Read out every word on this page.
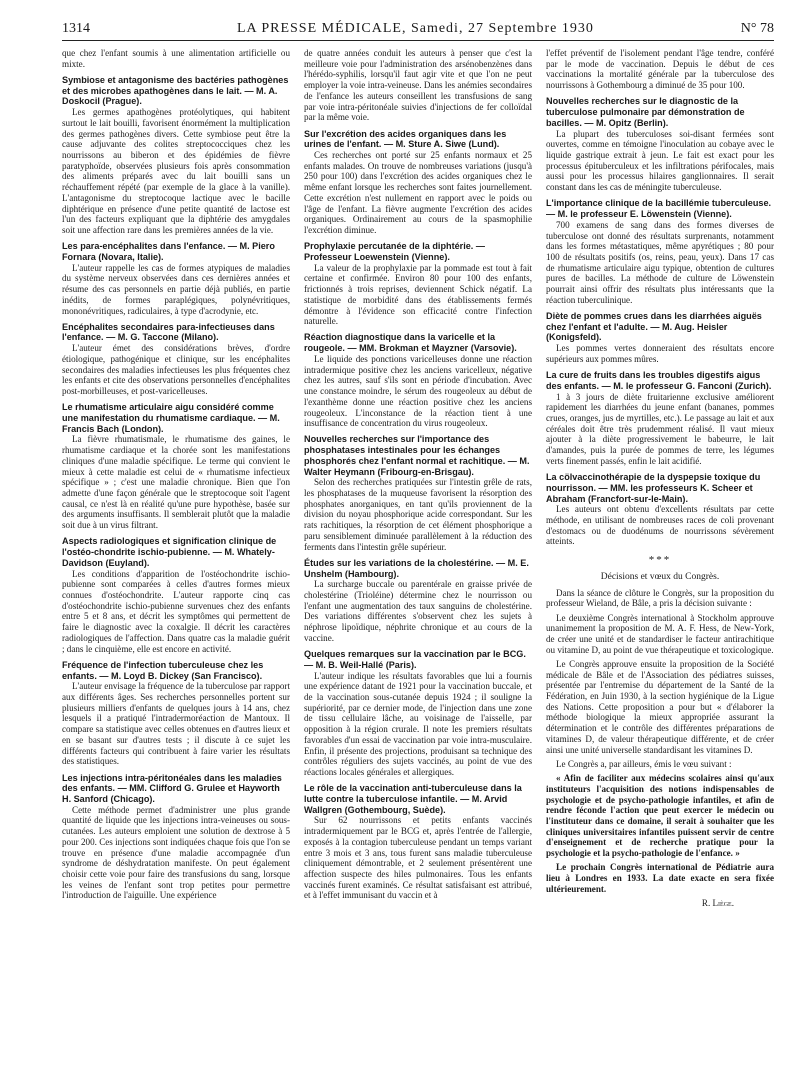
1314	LA PRESSE MÉDICALE, Samedi, 27 Septembre 1930	N° 78

que chez l'enfant soumis à une alimentation artificielle ou mixte.

Symbiose et antagonisme des bactéries pathogènes et des microbes apathogènes dans le lait. — M. A. Doskocil (Prague).

Les germes apathogènes protéolytiques, qui habitent surtout le lait bouilli, favorisent énormément la multiplication des germes pathogènes divers. Cette symbiose peut être la cause adjuvante des colites streptococciques chez les nourrissons au biberon et des épidémies de fièvre paratyphoïde, observées plusieurs fois après consommation des aliments préparés avec du lait bouilli sans un réchauffement répété (par exemple de la glace à la vanille). L'antagonisme du streptocoque lactique avec le bacille diphtérique en présence d'une petite quantité de lactose est l'un des facteurs expliquant que la diphtérie des amygdales soit une affection rare dans les premières années de la vie.

Les para-encéphalites dans l'enfance. — M. Piero Fornara (Novara, Italie).

L'auteur rappelle les cas de formes atypiques de maladies du système nerveux observées dans ces dernières années et résume des cas personnels en partie déjà publiés, en partie inédits, de formes paraplégiques, polynévritiques, mononévritiques, radiculaires, à type d'acrodynie, etc.

Encéphalites secondaires para-infectieuses dans l'enfance. — M. G. Taccone (Milano).

L'auteur émet des considérations brèves, d'ordre étiologique, pathogénique et clinique, sur les encéphalites secondaires des maladies infectieuses les plus fréquentes chez les enfants et cite des observations personnelles d'encéphalites post-morbilleuses, et post-varicelleuses.

Le rhumatisme articulaire aigu considéré comme une manifestation du rhumatisme cardiaque. — M. Francis Bach (London).

La fièvre rhumatismale, le rhumatisme des gaines, le rhumatisme cardiaque et la chorée sont les manifestations cliniques d'une maladie spécifique. Le terme qui convient le mieux à cette maladie est celui de « rhumatisme infectieux spécifique » ; c'est une maladie chronique. Bien que l'on admette d'une façon générale que le streptocoque soit l'agent causal, ce n'est là en réalité qu'une pure hypothèse, basée sur des arguments insuffisants. Il semblerait plutôt que la maladie soit due à un virus filtrant.

Aspects radiologiques et signification clinique de l'ostéo-chondrite ischio-pubienne. — M. Whately-Davidson (Euyland).

Les conditions d'apparition de l'ostéochondrite ischio-pubienne sont comparées à celles d'autres formes mieux connues d'ostéochondrite. L'auteur rapporte cinq cas d'ostéochondrite ischio-pubienne survenues chez des enfants entre 5 et 8 ans, et décrit les symptômes qui permettent de faire le diagnostic avec la coxalgie. Il décrit les caractères radiologiques de l'affection. Dans quatre cas la maladie guérit ; dans le cinquième, elle est encore en activité.

Fréquence de l'infection tuberculeuse chez les enfants. — M. Loyd B. Dickey (San Francisco).

L'auteur envisage la fréquence de la tuberculose par rapport aux différents âges. Ses recherches personnelles portent sur plusieurs milliers d'enfants de quelques jours à 14 ans, chez lesquels il a pratiqué l'intradermoréaction de Mantoux. Il compare sa statistique avec celles obtenues en d'autres lieux et en se basant sur d'autres tests ; il discute à ce sujet les différents facteurs qui contribuent à faire varier les résultats des statistiques.

Les injections intra-péritonéales dans les maladies des enfants. — MM. Clifford G. Grulee et Hayworth H. Sanford (Chicago).

Cette méthode permet d'administrer une plus grande quantité de liquide que les injections intra-veineuses ou sous-cutanées. Les auteurs emploient une solution de dextrose à 5 pour 200. Ces injections sont indiquées chaque fois que l'on se trouve en présence d'une maladie accompagnée d'un syndrome de déshydratation manifeste. On peut également choisir cette voie pour faire des transfusions du sang, lorsque les veines de l'enfant sont trop petites pour permettre l'introduction de l'aiguille. Une expérience

de quatre années conduit les auteurs à penser que c'est la meilleure voie pour l'administration des arsénobenzènes dans l'hérédo-syphilis, lorsqu'il faut agir vite et que l'on ne peut employer la voie intra-veineuse. Dans les anémies secondaires de l'enfance les auteurs conseillent les transfusions de sang par voie intra-péritonéale suivies d'injections de fer colloïdal par la même voie.

Sur l'excrétion des acides organiques dans les urines de l'enfant. — M. Sture A. Siwe (Lund).

Ces recherches ont porté sur 25 enfants normaux et 25 enfants malades. On trouve de nombreuses variations (jusqu'à 250 pour 100) dans l'excrétion des acides organiques chez le même enfant lorsque les recherches sont faites journellement. Cette excrétion n'est nullement en rapport avec le poids ou l'âge de l'enfant. La fièvre augmente l'excrétion des acides organiques. Ordinairement au cours de la spasmophilie l'excrétion diminue.

Prophylaxie percutanée de la diphtérie. — Professeur Loewenstein (Vienne).

La valeur de la prophylaxie par la pommade est tout à fait certaine et confirmée. Environ 80 pour 100 des enfants, frictionnés à trois reprises, deviennent Schick négatif. La statistique de morbidité dans des établissements fermés démontre à l'évidence son efficacité contre l'infection naturelle.

Réaction diagnostique dans la varicelle et la rougeole. — MM. Brokman et Mayzner (Varsovie).

Le liquide des ponctions varicelleuses donne une réaction intradermique positive chez les anciens varicelleux, négative chez les autres, sauf s'ils sont en période d'incubation. Avec une constance moindre, le sérum des rougeoleux au début de l'exanthème donne une réaction positive chez les anciens rougeoleux. L'inconstance de la réaction tient à une insuffisance de concentration du virus rougeoleux.

Nouvelles recherches sur l'importance des phosphatases intestinales pour les échanges phosphorés chez l'enfant normal et rachitique. — M. Walter Heymann (Fribourg-en-Brisgau).

Selon des recherches pratiquées sur l'intestin grêle de rats, les phosphatases de la muqueuse favorisent la résorption des phosphates anorganiques, en tant qu'ils proviennent de la division du noyau phosphorique acide correspondant. Sur les rats rachitiques, la résorption de cet élément phosphorique a paru sensiblement diminuée parallèlement à la réduction des ferments dans l'intestin grêle supérieur.

Études sur les variations de la cholestérine. — M. E. Unshelm (Hambourg).

La surcharge buccale ou parentérale en graisse privée de cholestérine (Trioléine) détermine chez le nourrisson ou l'enfant une augmentation des taux sanguins de cholestérine. Des variations différentes s'observent chez les sujets à néphrose lipoïdique, néphrite chronique et au cours de la vaccine.

Quelques remarques sur la vaccination par le BCG. — M. B. Weil-Hallé (Paris).

L'auteur indique les résultats favorables que lui a fournis une expérience datant de 1921 pour la vaccination buccale, et de la vaccination sous-cutanée depuis 1924 ; il souligne la supériorité, par ce dernier mode, de l'injection dans une zone de tissu cellulaire lâche, au voisinage de l'aisselle, par opposition à la région crurale. Il note les premiers résultats favorables d'un essai de vaccination par voie intra-musculaire. Enfin, il présente des projections, produisant sa technique des contrôles réguliers des sujets vaccinés, au point de vue des réactions locales générales et allergiques.

Le rôle de la vaccination anti-tuberculeuse dans la lutte contre la tuberculose infantile. — M. Arvid Wallgren (Gothembourg, Suède).

Sur 62 nourrissons et petits enfants vaccinés intradermiquement par le BCG et, après l'entrée de l'allergie, exposés à la contagion tuberculeuse pendant un temps variant entre 3 mois et 3 ans, tous furent sans maladie tuberculeuse cliniquement démontrable, et 2 seulement présentèrent une affection suspecte des hiles pulmonaires. Tous les enfants vaccinés furent examinés. Ce résultat satisfaisant est attribué, et à l'effet immunisant du vaccin et à

l'effet préventif de l'isolement pendant l'âge tendre, conféré par le mode de vaccination. Depuis le début de ces vaccinations la mortalité générale par la tuberculose des nourrissons à Gothembourg a diminué de 35 pour 100.

Nouvelles recherches sur le diagnostic de la tuberculose pulmonaire par démonstration de bacilles. — M. Opitz (Berlin).

La plupart des tuberculoses soi-disant fermées sont ouvertes, comme en témoigne l'inoculation au cobaye avec le liquide gastrique extrait à jeun. Le fait est exact pour les processus épituberculeux et les infiltrations périfocales, mais aussi pour les processus hilaires ganglionnaires. Il serait constant dans les cas de méningite tuberculeuse.

L'importance clinique de la bacillémie tuberculeuse. — M. le professeur E. Löwenstein (Vienne).

700 examens de sang dans des formes diverses de tuberculose ont donné des résultats surprenants, notamment dans les formes métastatiques, même apyrétiques ; 80 pour 100 de résultats positifs (os, reins, peau, yeux). Dans 17 cas de rhumatisme articulaire aigu typique, obtention de cultures pures de bacilles. La méthode de culture de Löwenstein pourrait ainsi offrir des résultats plus intéressants que la réaction tuberculinique.

Diète de pommes crues dans les diarrhées aiguës chez l'enfant et l'adulte. — M. Aug. Heisler (Konigsfeld).

Les pommes vertes donneraient des résultats encore supérieurs aux pommes mûres.

La cure de fruits dans les troubles digestifs aigus des enfants. — M. le professeur G. Fanconi (Zurich).

1 à 3 jours de diète fruitarienne exclusive améliorent rapidement les diarrhées du jeune enfant (bananes, pommes crues, oranges, jus de myrtilles, etc.). Le passage au lait et aux céréales doit être très prudemment réalisé. Il vaut mieux ajouter à la diète progressivement le babeurre, le lait d'amandes, puis la purée de pommes de terre, les légumes verts finement passés, enfin le lait acidifié.

La cölvaccinothérapie de la dyspepsie toxique du nourrisson. — MM. les professeurs K. Scheer et Abraham (Francfort-sur-le-Main).

Les auteurs ont obtenu d'excellents résultats par cette méthode, en utilisant de nombreuses races de coli provenant d'estomacs ou de duodénums de nourrissons sévèrement atteints.

***
Décisions et vœux du Congrès.

Dans la séance de clôture le Congrès, sur la proposition du professeur Wieland, de Bâle, a pris la décision suivante :

Le deuxième Congrès international à Stockholm approuve unanimement la proposition de M. A. F. Hess, de New-York, de créer une unité et de standardiser le facteur antirachitique ou vitamine D, au point de vue thérapeutique et toxicologique.

Le Congrès approuve ensuite la proposition de la Société médicale de Bâle et de l'Association des pédiatres suisses, présentée par l'entremise du département de la Santé de la Fédération, en Juin 1930, à la section hygiénique de la Ligue des Nations. Cette proposition a pour but « d'élaborer la méthode biologique la mieux appropriée assurant la détermination et le contrôle des différentes préparations de vitamines D, de valeur thérapeutique différente, et de créer ainsi une unité universelle standardisant les vitamines D.

Le Congrès a, par ailleurs, émis le vœu suivant :

« Afin de faciliter aux médecins scolaires ainsi qu'aux instituteurs l'acquisition des notions indispensables de psychologie et de psycho-pathologie infantiles, et afin de rendre féconde l'action que peut exercer le médecin ou l'instituteur dans ce domaine, il serait à souhaiter que les cliniques universitaires infantiles puissent servir de centre d'enseignement et de recherche pratique pour la psychologie et la psycho-pathologie de l'enfance. »

Le prochain Congrès international de Pédiatrie aura lieu à Londres en 1933. La date exacte en sera fixée ultérieurement.

R. Liège.
